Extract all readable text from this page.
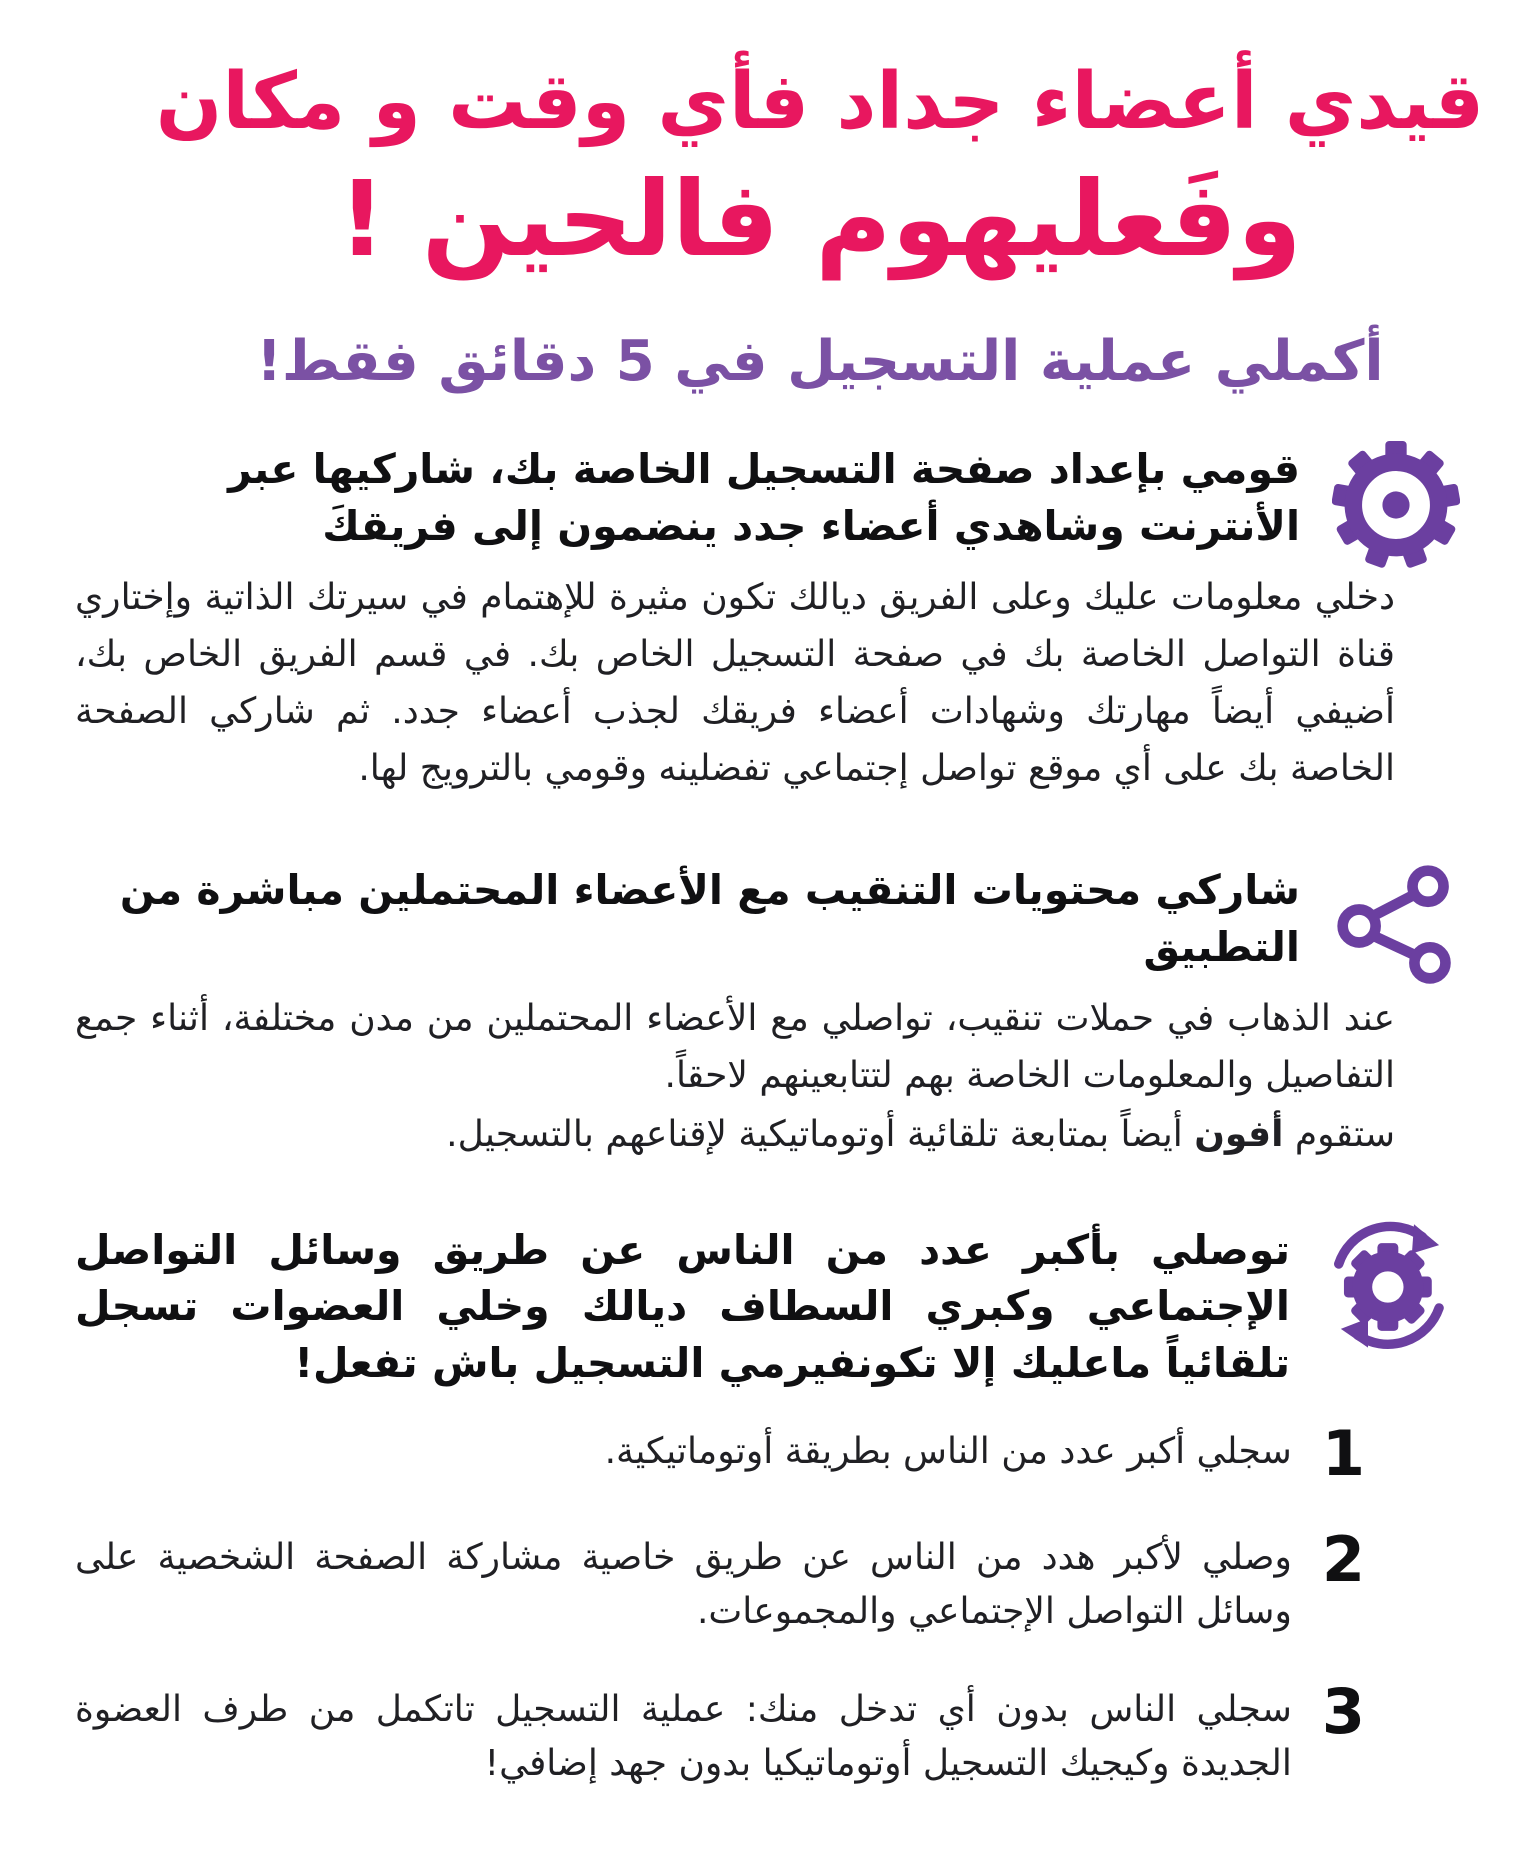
قيدي أعضاء جداد فأي وقت و مكان
وفَعليهوم فالحين !
أكملي عملية التسجيل في 5 دقائق فقط!
قومي بإعداد صفحة التسجيل الخاصة بك، شاركيها عبر الأنترنت وشاهدي أعضاء جدد ينضمون إلى فريقكَ

دخلي معلومات عليك وعلى الفريق ديالك تكون مثيرة للإهتمام في سيرتك الذاتية وإختاري قناة التواصل الخاصة بك في صفحة التسجيل الخاص بك. في قسم الفريق الخاص بك، أضيفي أيضاً مهارتك وشهادات أعضاء فريقك لجذب أعضاء جدد. ثم شاركي الصفحة الخاصة بك على أي موقع تواصل إجتماعي تفضلينه وقومي بالترويج لها.

شاركي محتويات التنقيب مع الأعضاء المحتملين مباشرة من التطبيق

عند الذهاب في حملات تنقيب، تواصلي مع الأعضاء المحتملين من مدن مختلفة، أثناء جمع التفاصيل والمعلومات الخاصة بهم لتتابعينهم لاحقاً.

ستقوم أفون أيضاً بمتابعة تلقائية أوتوماتيكية لإقناعهم بالتسجيل.

توصلي بأكبر عدد من الناس عن طريق وسائل التواصل الإجتماعي وكبري السطاف ديالك وخلي العضوات تسجل تلقائياً ماعليك إلا تكونفيرمي التسجيل باش تفعل!
1
سجلي أكبر عدد من الناس بطريقة أوتوماتيكية.
2
وصلي لأكبر هدد من الناس عن طريق خاصية مشاركة الصفحة الشخصية على وسائل التواصل الإجتماعي والمجموعات.
3
سجلي الناس بدون أي تدخل منك: عملية التسجيل تاتكمل من طرف العضوة الجديدة وكيجيك التسجيل أوتوماتيكيا بدون جهد إضافي!
